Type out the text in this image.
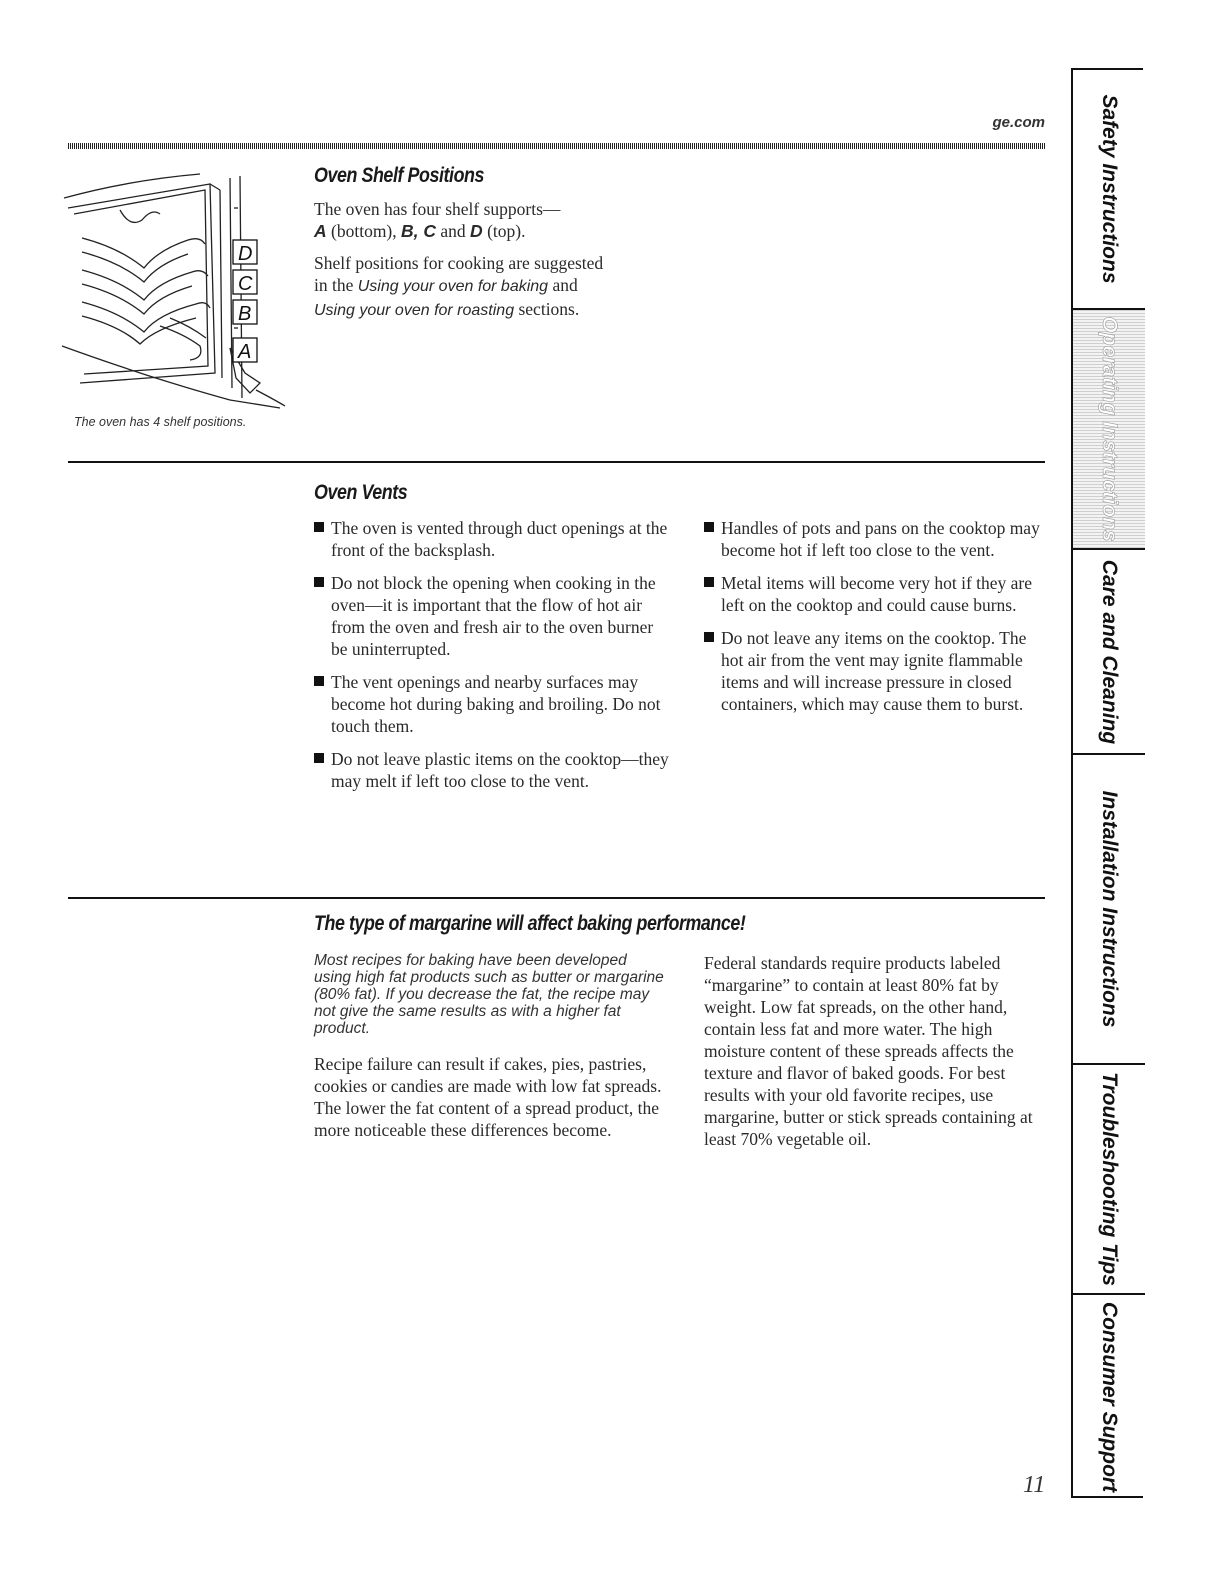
ge.com
D
C
B
A
The oven has 4 shelf positions.
Oven Shelf Positions

The oven has four shelf supports—
A (bottom), B, C and D (top).

Shelf positions for cooking are suggested
in the Using your oven for baking and
Using your oven for roasting sections.

Oven Vents
The oven is vented through duct openings at the front of the backsplash.
Do not block the opening when cooking in the oven—it is important that the flow of hot air from the oven and fresh air to the oven burner be uninterrupted.
The vent openings and nearby surfaces may become hot during baking and broiling. Do not touch them.
Do not leave plastic items on the cooktop—they may melt if left too close to the vent.
Handles of pots and pans on the cooktop may become hot if left too close to the vent.
Metal items will become very hot if they are left on the cooktop and could cause burns.
Do not leave any items on the cooktop. The hot air from the vent may ignite flammable items and will increase pressure in closed containers, which may cause them to burst.
The type of margarine will affect baking performance!
Most recipes for baking have been developed using high fat products such as butter or margarine (80% fat). If you decrease the fat, the recipe may not give the same results as with a higher fat product.
Recipe failure can result if cakes, pies, pastries, cookies or candies are made with low fat spreads. The lower the fat content of a spread product, the more noticeable these differences become.
Federal standards require products labeled “margarine” to contain at least 80% fat by weight. Low fat spreads, on the other hand, contain less fat and more water. The high moisture content of these spreads affects the texture and flavor of baked goods. For best results with your old favorite recipes, use margarine, butter or stick spreads containing at least 70% vegetable oil.
Safety Instructions
Operating Instructions
Care and Cleaning
Installation Instructions
Troubleshooting Tips
Consumer Support
11
